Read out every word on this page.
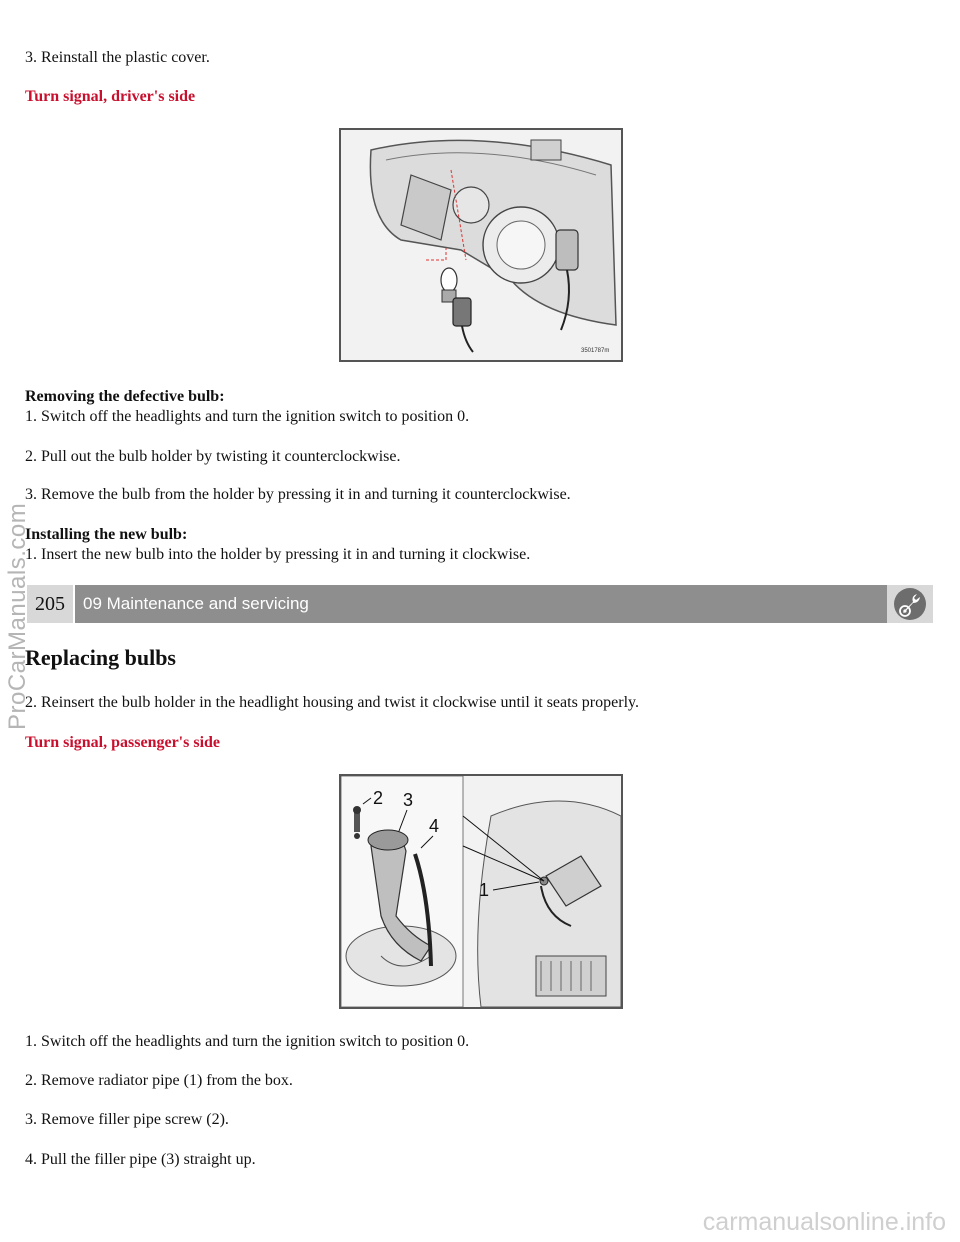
3. Reinstall the plastic cover.

Turn signal, driver's side

3501787m

Removing the defective bulb:

1. Switch off the headlights and turn the ignition switch to position 0.

2. Pull out the bulb holder by twisting it counterclockwise.

3. Remove the bulb from the holder by pressing it in and turning it counterclockwise.

Installing the new bulb:

1. Insert the new bulb into the holder by pressing it in and turning it clockwise.

205	09 Maintenance and servicing
Replacing bulbs

2. Reinsert the bulb holder in the headlight housing and twist it clockwise until it seats properly.

Turn signal, passenger's side

2 3
4
1

1. Switch off the headlights and turn the ignition switch to position 0.

2. Remove radiator pipe (1) from the box.

3. Remove filler pipe screw (2).

4. Pull the filler pipe (3) straight up.

ProCarManuals.com
carmanualsonline.info
